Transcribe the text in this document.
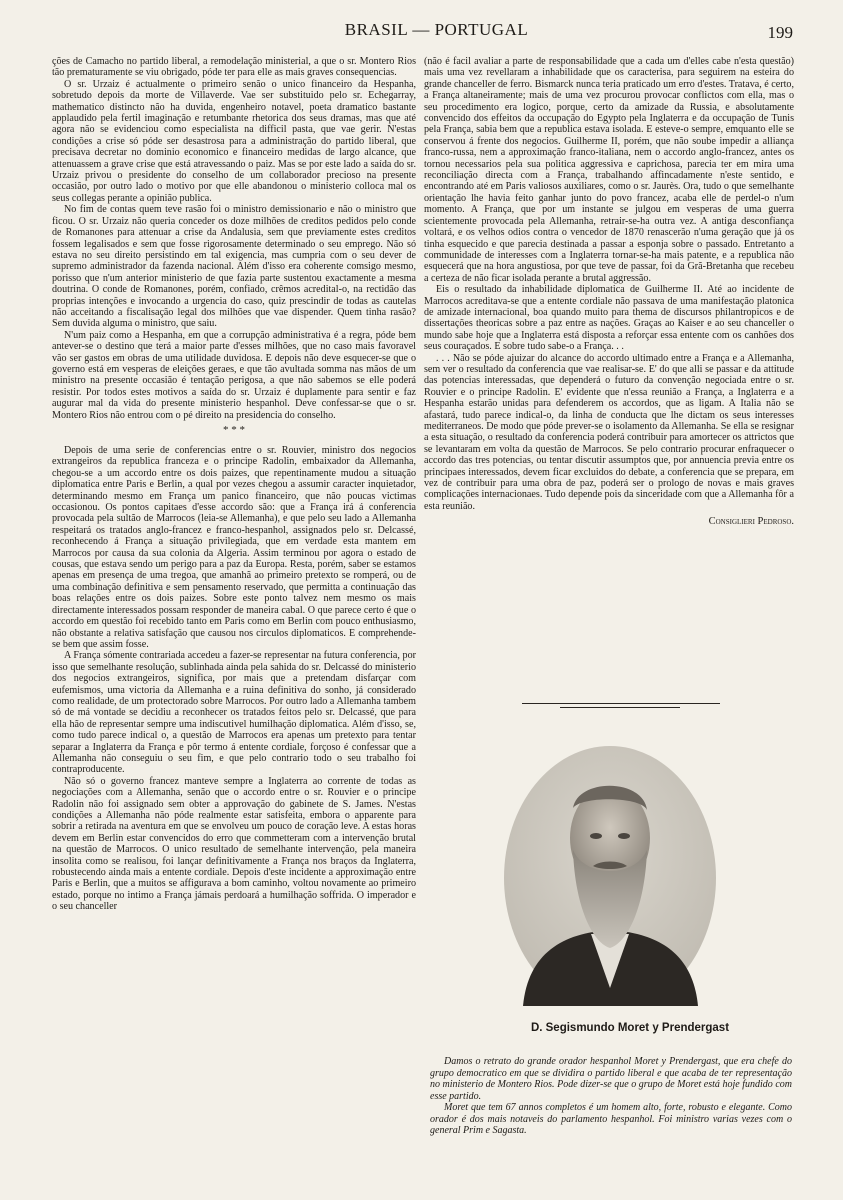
BRASIL — PORTUGAL	199

ções de Camacho no partido liberal, a remodelação ministerial, a que o sr. Montero Rios tão prematuramente se viu obrigado, póde ter para elle as mais graves consequencias.

O sr. Urzaiz é actualmente o primeiro senão o unico financeiro da Hespanha, sobretudo depois da morte de Villaverde. Vae ser substituido pelo sr. Echegarray, mathematico distincto não ha duvida, engenheiro notavel, poeta dramatico bastante applaudido pela fertil imaginação e retumbante rhetorica dos seus dramas, mas que até agora não se evidenciou como especialista na difficil pasta, que vae gerir. N'estas condições a crise só póde ser desastrosa para a administração do partido liberal, que precisava decretar no dominio economico e financeiro medidas de largo alcance, que attenuassem a grave crise que está atravessando o paiz. Mas se por este lado a saída do sr. Urzaiz privou o presidente do conselho de um collaborador precioso na presente occasião, por outro lado o motivo por que elle abandonou o ministerio colloca mal os seus collegas perante a opinião publica.

No fim de contas quem teve rasão foi o ministro demissionario e não o ministro que ficou. O sr. Urzaiz não queria conceder os doze milhões de creditos pedidos pelo conde de Romanones para attenuar a crise da Andalusia, sem que previamente estes creditos fossem legalisados e sem que fosse rigorosamente determinado o seu emprego. Não só estava no seu direito persistindo em tal exigencia, mas cumpria com o seu dever de supremo administrador da fazenda nacional. Além d'isso era coherente comsigo mesmo, porisso que n'um anterior ministerio de que fazia parte sustentou exactamente a mesma doutrina. O conde de Romanones, porém, confiado, crêmos acredital-o, na rectidão das proprias intenções e invocando a urgencia do caso, quiz prescindir de todas as cautelas não acceitando a fiscalisação legal dos milhões que vae dispender. Quem tinha rasão? Sem duvida alguma o ministro, que saiu.

N'um paiz como a Hespanha, em que a corrupção administrativa é a regra, póde bem antever-se o destino que terá a maior parte d'esses milhões, que no caso mais favoravel vão ser gastos em obras de uma utilidade duvidosa. E depois não deve esquecer-se que o governo está em vesperas de eleições geraes, e que tão avultada somma nas mãos de um ministro na presente occasião é tentação perigosa, a que não sabemos se elle poderá resistir. Por todos estes motivos a saída do sr. Urzaiz é duplamente para sentir e faz augurar mal da vida do presente ministerio hespanhol. Deve confessar-se que o sr. Montero Rios não entrou com o pé direito na presidencia do conselho.

* * *

Depois de uma serie de conferencias entre o sr. Rouvier, ministro dos negocios extrangeiros da republica franceza e o principe Radolin, embaixador da Allemanha, chegou-se a um accordo entre os dois paizes, que repentinamente mudou a situação diplomatica entre Paris e Berlin, a qual por vezes chegou a assumir caracter inquietador, determinando mesmo em França um panico financeiro, que não poucas victimas occasionou. Os pontos capitaes d'esse accordo são: que a França irá á conferencia provocada pela sultão de Marrocos (leia-se Allemanha), e que pelo seu lado a Allemanha respeitará os tratados anglo-francez e franco-hespanhol, assignados pelo sr. Delcassé, reconhecendo á França a situação privilegiada, que em verdade esta mantem em Marrocos por causa da sua colonia da Algeria. Assim terminou por agora o estado de cousas, que estava sendo um perigo para a paz da Europa. Resta, porém, saber se estamos apenas em presença de uma tregoa, que amanhã ao primeiro pretexto se romperá, ou de uma combinação definitiva e sem pensamento reservado, que permitta a continuação das boas relações entre os dois paizes. Sobre este ponto talvez nem mesmo os mais directamente interessados possam responder de maneira cabal. O que parece certo é que o accordo em questão foi recebido tanto em Paris como em Berlin com pouco enthusiasmo, não obstante a relativa satisfação que causou nos circulos diplomaticos. E comprehende-se bem que assim fosse.

A França sómente contrariada accedeu a fazer-se representar na futura conferencia, por isso que semelhante resolução, sublinhada ainda pela sahida do sr. Delcassé do ministerio dos negocios extrangeiros, significa, por mais que a pretendam disfarçar com eufemismos, uma victoria da Allemanha e a ruina definitiva do sonho, já considerado como realidade, de um protectorado sobre Marrocos. Por outro lado a Allemanha tambem só de má vontade se decidiu a reconhecer os tratados feitos pelo sr. Delcassé, que para ella hão de representar sempre uma indiscutivel humilhação diplomatica. Além d'isso, se, como tudo parece indical o, a questão de Marrocos era apenas um pretexto para tentar separar a Inglaterra da França e pôr termo á entente cordiale, forçoso é confessar que a Allemanha não conseguiu o seu fim, e que pelo contrario todo o seu trabalho foi contraproducente.

Não só o governo francez manteve sempre a Inglaterra ao corrente de todas as negociações com a Allemanha, senão que o accordo entre o sr. Rouvier e o principe Radolin não foi assignado sem obter a approvação do gabinete de S. James. N'estas condições a Allemanha não póde realmente estar satisfeita, embora o apparente para sobrir a retirada na aventura em que se envolveu um pouco de coração leve. A estas horas devem em Berlin estar convencidos do erro que commetteram com a intervenção brutal na questão de Marrocos. O unico resultado de semelhante intervenção, pela maneira insolita como se realisou, foi lançar definitivamente a França nos braços da Inglaterra, robustecendo ainda mais a entente cordiale. Depois d'este incidente a approximação entre Paris e Berlin, que a muitos se affigurava a bom caminho, voltou novamente ao primeiro estado, porque no intimo a França jámais perdoará a humilhação soffrida. O imperador e o seu chanceller

(não é facil avaliar a parte de responsabilidade que a cada um d'elles cabe n'esta questão) mais uma vez revellaram a inhabilidade que os caracterisa, para seguirem na esteira do grande chanceller de ferro. Bismarck nunca teria praticado um erro d'estes. Tratava, é certo, a França altaneiramente; mais de uma vez procurou provocar conflictos com ella, mas o seu procedimento era logico, porque, certo da amizade da Russia, e absolutamente convencido dos effeitos da occupação do Egypto pela Inglaterra e da occupação de Tunis pela França, sabia bem que a republica estava isolada. E esteve-o sempre, emquanto elle se conservou á frente dos negocios. Guilherme II, porém, que não soube impedir a alliança franco-russa, nem a approximação franco-italiana, nem o accordo anglo-francez, antes os tornou necessarios pela sua politica aggressiva e caprichosa, parecia ter em mira uma reconciliação directa com a França, trabalhando affincadamente n'este sentido, e encontrando até em Paris valiosos auxiliares, como o sr. Jaurès. Ora, tudo o que semelhante orientação lhe havia feito ganhar junto do povo francez, acaba elle de perdel-o n'um momento. A França, que por um instante se julgou em vesperas de uma guerra scientemente provocada pela Allemanha, retrair-se-ha outra vez. A antiga desconfiança voltará, e os velhos odios contra o vencedor de 1870 renascerão n'uma geração que já os tinha esquecido e que parecia destinada a passar a esponja sobre o passado. Entretanto a communidade de interesses com a Inglaterra tornar-se-ha mais patente, e a republica não esquecerá que na hora angustiosa, por que teve de passar, foi da Grã-Bretanha que recebeu a certeza de não ficar isolada perante a brutal aggressão.

Eis o resultado da inhabilidade diplomatica de Guilherme II. Até ao incidente de Marrocos acreditava-se que a entente cordiale não passava de uma manifestação platonica de amizade internacional, boa quando muito para thema de discursos philantropicos e de dissertações theoricas sobre a paz entre as nações. Graças ao Kaiser e ao seu chanceller o mundo sabe hoje que a Inglaterra está disposta a reforçar essa entente com os canhões dos seus couraçados. E sobre tudo sabe-o a França. . .

. . . Não se póde ajuizar do alcance do accordo ultimado entre a França e a Allemanha, sem ver o resultado da conferencia que vae realisar-se. E' do que alli se passar e da attitude das potencias interessadas, que dependerá o futuro da convenção negociada entre o sr. Rouvier e o principe Radolin. E' evidente que n'essa reunião a França, a Inglaterra e a Hespanha estarão unidas para defenderem os accordos, que as ligam. A Italia não se afastará, tudo parece indical-o, da linha de conducta que lhe dictam os seus interesses mediterraneos. De modo que póde prever-se o isolamento da Allemanha. Se ella se resignar a esta situação, o resultado da conferencia poderá contribuir para amortecer os attrictos que se levantaram em volta da questão de Marrocos. Se pelo contrario procurar enfraquecer o accordo das tres potencias, ou tentar discutir assumptos que, por annuencia previa entre os principaes interessados, devem ficar excluidos do debate, a conferencia que se prepara, em vez de contribuir para uma obra de paz, poderá ser o prologo de novas e mais graves complicações internacionaes. Tudo depende pois da sinceridade com que a Allemanha fôr a esta reunião.

Consiglieri Pedroso.
D. Segismundo Moret y Prendergast

Damos o retrato do grande orador hespanhol Moret y Prendergast, que era chefe do grupo democratico em que se dividira o partido liberal e que acaba de ter representação no ministerio de Montero Rios. Pode dizer-se que o grupo de Moret está hoje fundido com esse partido.

Moret que tem 67 annos completos é um homem alto, forte, robusto e elegante. Como orador é dos mais notaveis do parlamento hespanhol. Foi ministro varias vezes com o general Prim e Sagasta.
